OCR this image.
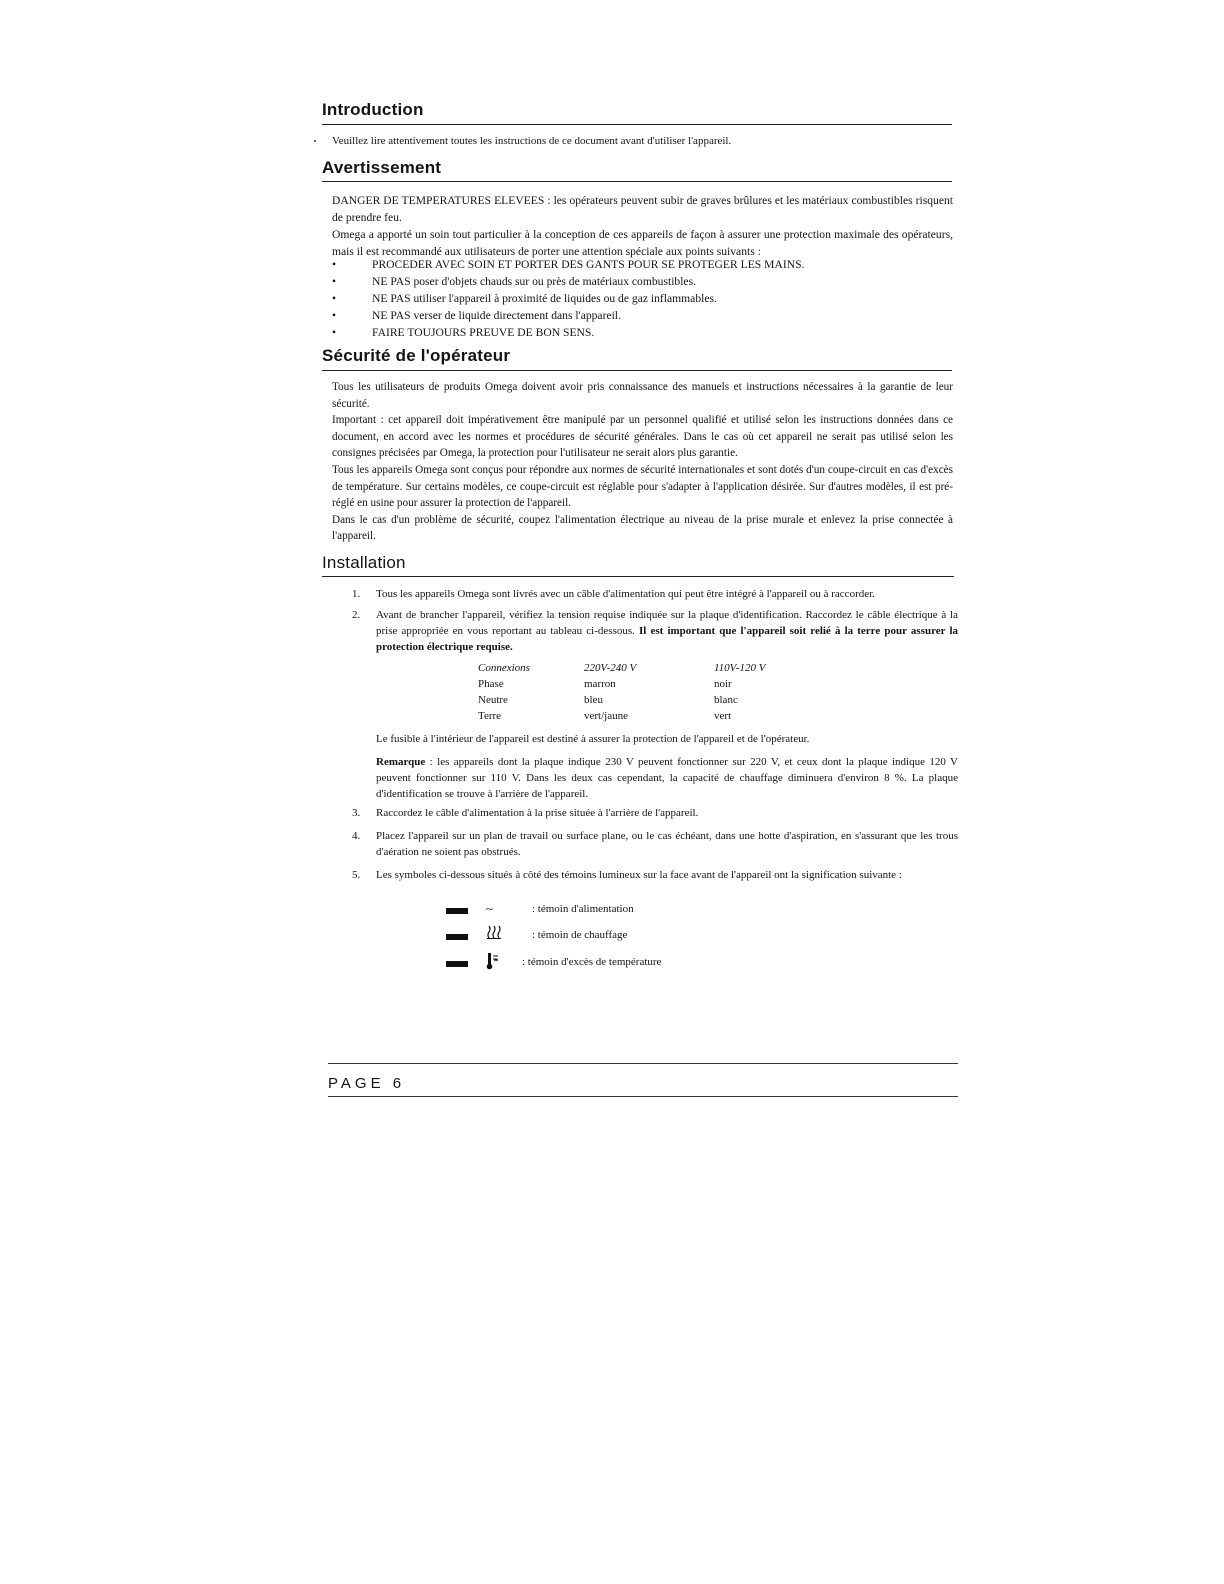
Introduction
Veuillez lire attentivement toutes les instructions de ce document avant d'utiliser l'appareil.
Avertissement

DANGER DE TEMPERATURES ELEVEES : les opérateurs peuvent subir de graves brûlures et les matériaux combustibles risquent de prendre feu.

Omega a apporté un soin tout particulier à la conception de ces appareils de façon à assurer une protection maximale des opérateurs, mais il est recommandé aux utilisateurs de porter une attention spéciale aux points suivants :

•	PROCEDER AVEC SOIN ET PORTER DES GANTS POUR SE PROTEGER LES MAINS.
•	NE PAS poser d'objets chauds sur ou près de matériaux combustibles.
•	NE PAS utiliser l'appareil à proximité de liquides ou de gaz inflammables.
•	NE PAS verser de liquide directement dans l'appareil.
•	FAIRE TOUJOURS PREUVE DE BON SENS.
Sécurité de l'opérateur

Tous les utilisateurs de produits Omega doivent avoir pris connaissance des manuels et instructions nécessaires à la garantie de leur sécurité.

Important : cet appareil doit impérativement être manipulé par un personnel qualifié et utilisé selon les instructions données dans ce document, en accord avec les normes et procédures de sécurité générales. Dans le cas où cet appareil ne serait pas utilisé selon les consignes précisées par Omega, la protection pour l'utilisateur ne serait alors plus garantie.

Tous les appareils Omega sont conçus pour répondre aux normes de sécurité internationales et sont dotés d'un coupe-circuit en cas d'excès de température. Sur certains modèles, ce coupe-circuit est réglable pour s'adapter à l'application désirée. Sur d'autres modèles, il est pré-réglé en usine pour assurer la protection de l'appareil.

Dans le cas d'un problème de sécurité, coupez l'alimentation électrique au niveau de la prise murale et enlevez la prise connectée à l'appareil.

Installation
1. Tous les appareils Omega sont livrés avec un câble d'alimentation qui peut être intégré à l'appareil ou à raccorder.
2. Avant de brancher l'appareil, vérifiez la tension requise indiquée sur la plaque d'identification. Raccordez le câble électrique à la prise appropriée en vous reportant au tableau ci-dessous. Il est important que l'appareil soit relié à la terre pour assurer la protection électrique requise.
Connexions	220V-240 V	110V-120 V
Phase	marron	noir
Neutre	bleu	blanc
Terre	vert/jaune	vert
Le fusible à l'intérieur de l'appareil est destiné à assurer la protection de l'appareil et de l'opérateur.
Remarque : les appareils dont la plaque indique 230 V peuvent fonctionner sur 220 V, et ceux dont la plaque indique 120 V peuvent fonctionner sur 110 V. Dans les deux cas cependant, la capacité de chauffage diminuera d'environ 8 %. La plaque d'identification se trouve à l'arrière de l'appareil.
3. Raccordez le câble d'alimentation à la prise située à l'arrière de l'appareil.
4. Placez l'appareil sur un plan de travail ou surface plane, ou le cas échéant, dans une hotte d'aspiration, en s'assurant que les trous d'aération ne soient pas obstrués.
5. Les symboles ci-dessous situés à côté des témoins lumineux sur la face avant de l'appareil ont la signification suivante :
~	: témoin d'alimentation
: témoin de chauffage
: témoin d'excès de température
PAGE 6
